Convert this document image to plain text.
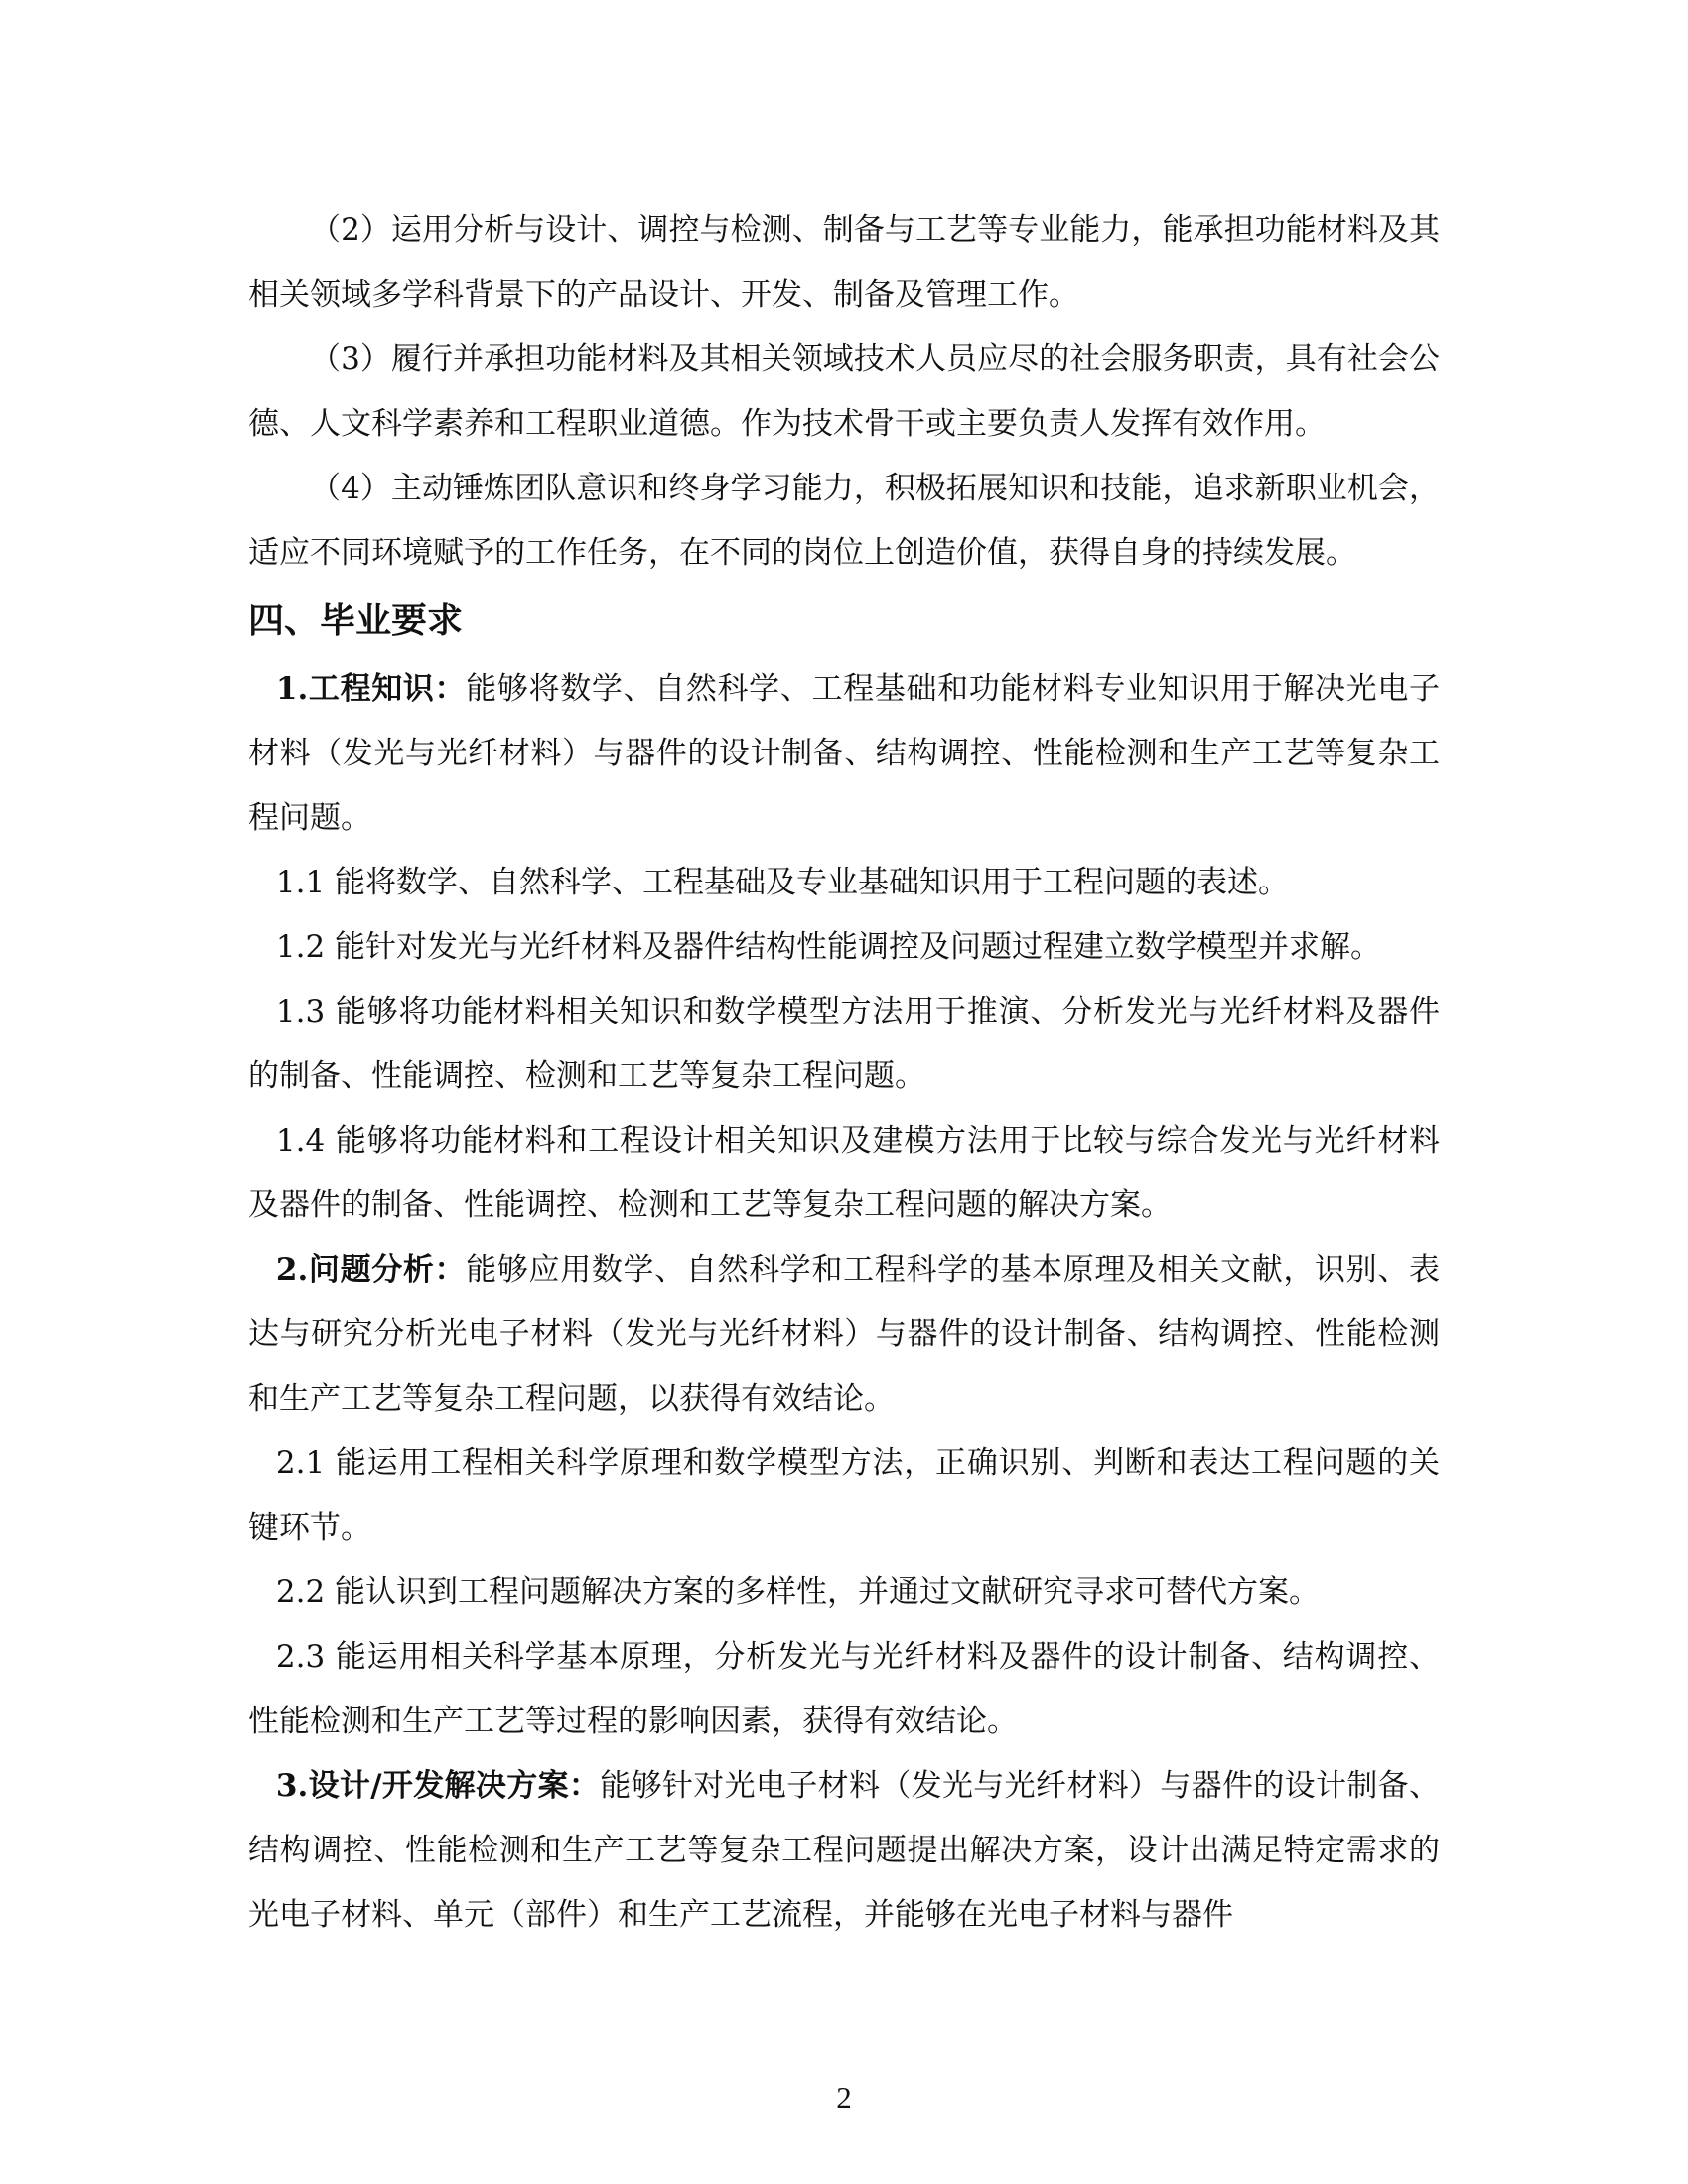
（2）运用分析与设计、调控与检测、制备与工艺等专业能力，能承担功能材料及其相关领域多学科背景下的产品设计、开发、制备及管理工作。

（3）履行并承担功能材料及其相关领域技术人员应尽的社会服务职责，具有社会公德、人文科学素养和工程职业道德。作为技术骨干或主要负责人发挥有效作用。

（4）主动锤炼团队意识和终身学习能力，积极拓展知识和技能，追求新职业机会，适应不同环境赋予的工作任务，在不同的岗位上创造价值，获得自身的持续发展。

四、毕业要求

1.工程知识：能够将数学、自然科学、工程基础和功能材料专业知识用于解决光电子材料（发光与光纤材料）与器件的设计制备、结构调控、性能检测和生产工艺等复杂工程问题。

1.1 能将数学、自然科学、工程基础及专业基础知识用于工程问题的表述。

1.2 能针对发光与光纤材料及器件结构性能调控及问题过程建立数学模型并求解。

1.3 能够将功能材料相关知识和数学模型方法用于推演、分析发光与光纤材料及器件的制备、性能调控、检测和工艺等复杂工程问题。

1.4 能够将功能材料和工程设计相关知识及建模方法用于比较与综合发光与光纤材料及器件的制备、性能调控、检测和工艺等复杂工程问题的解决方案。

2.问题分析：能够应用数学、自然科学和工程科学的基本原理及相关文献，识别、表达与研究分析光电子材料（发光与光纤材料）与器件的设计制备、结构调控、性能检测和生产工艺等复杂工程问题，以获得有效结论。

2.1 能运用工程相关科学原理和数学模型方法，正确识别、判断和表达工程问题的关键环节。

2.2 能认识到工程问题解决方案的多样性，并通过文献研究寻求可替代方案。

2.3 能运用相关科学基本原理，分析发光与光纤材料及器件的设计制备、结构调控、性能检测和生产工艺等过程的影响因素，获得有效结论。

3.设计/开发解决方案：能够针对光电子材料（发光与光纤材料）与器件的设计制备、结构调控、性能检测和生产工艺等复杂工程问题提出解决方案，设计出满足特定需求的光电子材料、单元（部件）和生产工艺流程，并能够在光电子材料与器件

2
